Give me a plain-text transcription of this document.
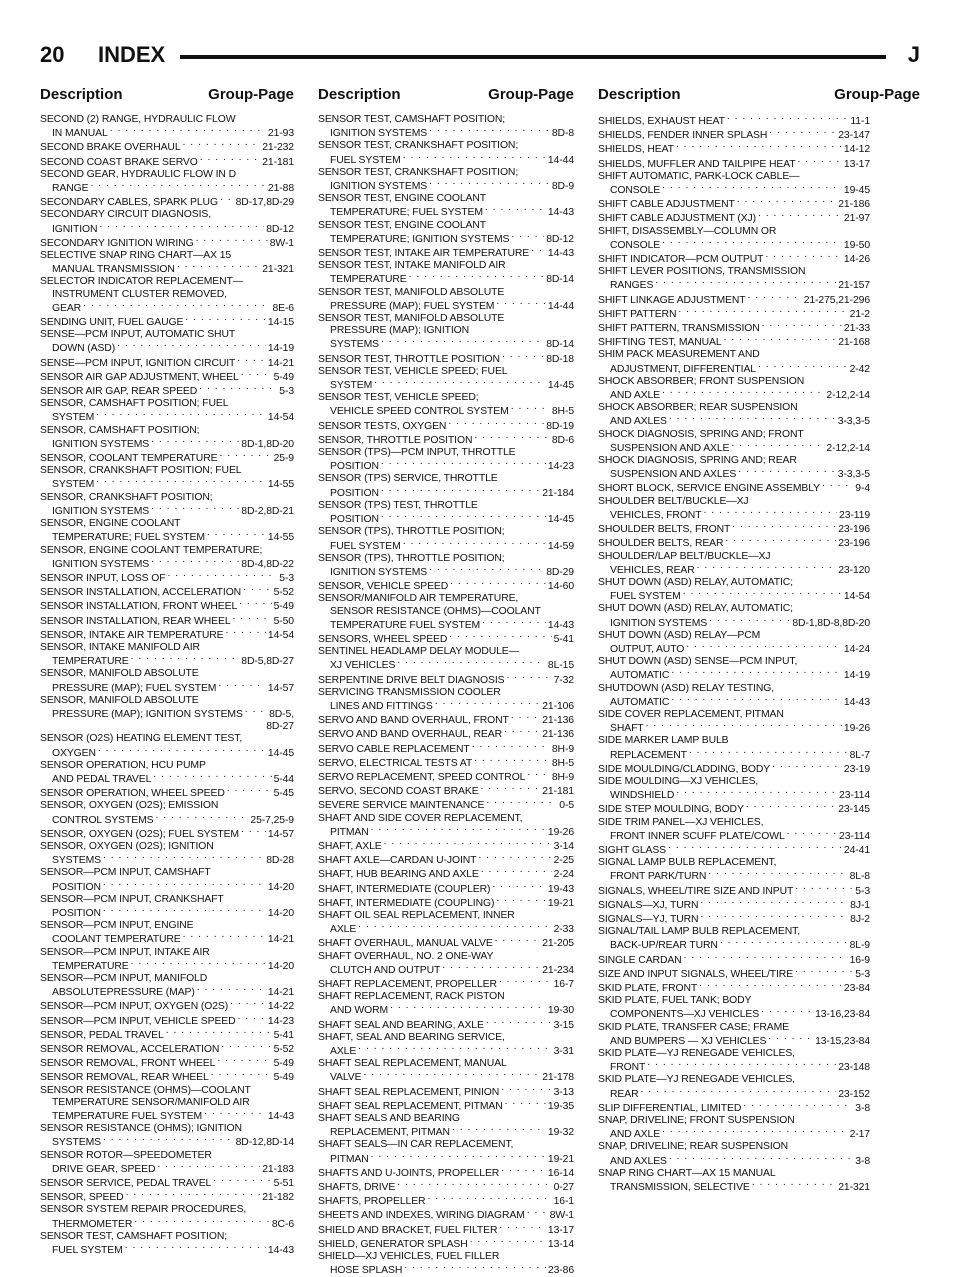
20 INDEX	J
Description	Group-Page Description	Group-Page Description	Group-Page
SECOND (2) RANGE, HYDRAULIC FLOW
IN MANUAL . . .	21-93
SECOND BRAKE OVERHAUL . . .	21-232
SECOND COAST BRAKE SERVO . . .	21-181
SECOND GEAR, HYDRAULIC FLOW IN D
RANGE . . .	21-88
SECONDARY CABLES, SPARK PLUG . . . 8D-17,8D-29
SECONDARY CIRCUIT DIAGNOSIS,
IGNITION . . .	8D-12
SECONDARY IGNITION WIRING . . .	8W-1
SELECTIVE SNAP RING CHART—AX 15
MANUAL TRANSMISSION . . .	21-321
SELECTOR INDICATOR REPLACEMENT—
INSTRUMENT CLUSTER REMOVED,
GEAR . . .	8E-6
SENDING UNIT, FUEL GAUGE . . .	14-15
SENSE—PCM INPUT, AUTOMATIC SHUT
DOWN (ASD) . . .	14-19
SENSE—PCM INPUT, IGNITION CIRCUIT . . .	14-21
SENSOR AIR GAP ADJUSTMENT, WHEEL . . .	5-49
SENSOR AIR GAP, REAR SPEED . . .	5-3
SENSOR, CAMSHAFT POSITION; FUEL
SYSTEM . . .	14-54
SENSOR, CAMSHAFT POSITION;
IGNITION SYSTEMS . . .	8D-1,8D-20
SENSOR, COOLANT TEMPERATURE . . .	25-9
SENSOR, CRANKSHAFT POSITION; FUEL
SYSTEM . . .	14-55
SENSOR, CRANKSHAFT POSITION;
IGNITION SYSTEMS . . .	8D-2,8D-21
SENSOR, ENGINE COOLANT
TEMPERATURE; FUEL SYSTEM . . .	14-55
SENSOR, ENGINE COOLANT TEMPERATURE;
IGNITION SYSTEMS . . .	8D-4,8D-22
SENSOR INPUT, LOSS OF . . .	5-3
SENSOR INSTALLATION, ACCELERATION . . .	5-52
SENSOR INSTALLATION, FRONT WHEEL . . .	5-49
SENSOR INSTALLATION, REAR WHEEL . . .	5-50
SENSOR, INTAKE AIR TEMPERATURE . . .	14-54
SENSOR, INTAKE MANIFOLD AIR
TEMPERATURE . . .	8D-5,8D-27
SENSOR, MANIFOLD ABSOLUTE
PRESSURE (MAP); FUEL SYSTEM . . .	14-57
SENSOR, MANIFOLD ABSOLUTE
PRESSURE (MAP); IGNITION SYSTEMS . . .	8D-5,
8D-27
SENSOR (O2S) HEATING ELEMENT TEST,
OXYGEN . . .	14-45
SENSOR OPERATION, HCU PUMP
AND PEDAL TRAVEL . . .	5-44
SENSOR OPERATION, WHEEL SPEED . . .	5-45
SENSOR, OXYGEN (O2S); EMISSION
CONTROL SYSTEMS . . .	25-7,25-9
SENSOR, OXYGEN (O2S); FUEL SYSTEM . . .	14-57
SENSOR, OXYGEN (O2S); IGNITION
SYSTEMS . . .	8D-28
SENSOR—PCM INPUT, CAMSHAFT
POSITION . . .	14-20
SENSOR—PCM INPUT, CRANKSHAFT
POSITION . . .	14-20
SENSOR—PCM INPUT, ENGINE
COOLANT TEMPERATURE . . .	14-21
SENSOR—PCM INPUT, INTAKE AIR
TEMPERATURE . . .	14-20
SENSOR—PCM INPUT, MANIFOLD
ABSOLUTEPRESSURE (MAP) . . .	14-21
SENSOR—PCM INPUT, OXYGEN (O2S) . . .	14-22
SENSOR—PCM INPUT, VEHICLE SPEED . . .	14-23
SENSOR, PEDAL TRAVEL . . .	5-41
SENSOR REMOVAL, ACCELERATION . . .	5-52
SENSOR REMOVAL, FRONT WHEEL . . .	5-49
SENSOR REMOVAL, REAR WHEEL . . .	5-49
SENSOR RESISTANCE (OHMS)—COOLANT
TEMPERATURE SENSOR/MANIFOLD AIR
TEMPERATURE FUEL SYSTEM . . .	14-43
SENSOR RESISTANCE (OHMS); IGNITION
SYSTEMS . . .	8D-12,8D-14
SENSOR ROTOR—SPEEDOMETER
DRIVE GEAR, SPEED . . .	21-183
SENSOR SERVICE, PEDAL TRAVEL . . .	5-51
SENSOR, SPEED . . .	21-182
SENSOR SYSTEM REPAIR PROCEDURES,
THERMOMETER . . .	8C-6
SENSOR TEST, CAMSHAFT POSITION;
FUEL SYSTEM . . .	14-43
SENSOR TEST, CAMSHAFT POSITION;
IGNITION SYSTEMS . . .	8D-8
SENSOR TEST, CRANKSHAFT POSITION;
FUEL SYSTEM . . .	14-44
SENSOR TEST, CRANKSHAFT POSITION;
IGNITION SYSTEMS . . .	8D-9
SENSOR TEST, ENGINE COOLANT
TEMPERATURE; FUEL SYSTEM . . .	14-43
SENSOR TEST, ENGINE COOLANT
TEMPERATURE; IGNITION SYSTEMS . . .	8D-12
SENSOR TEST, INTAKE AIR TEMPERATURE . . . 14-43
SENSOR TEST, INTAKE MANIFOLD AIR
TEMPERATURE . . .	8D-14
SENSOR TEST, MANIFOLD ABSOLUTE
PRESSURE (MAP); FUEL SYSTEM . . .	14-44
SENSOR TEST, MANIFOLD ABSOLUTE
PRESSURE (MAP); IGNITION
SYSTEMS . . .	8D-14
SENSOR TEST, THROTTLE POSITION . . .	8D-18
SENSOR TEST, VEHICLE SPEED; FUEL
SYSTEM . . .	14-45
SENSOR TEST, VEHICLE SPEED;
VEHICLE SPEED CONTROL SYSTEM . . .	8H-5
SENSOR TESTS, OXYGEN . . .	8D-19
SENSOR, THROTTLE POSITION . . .	8D-6
SENSOR (TPS)—PCM INPUT, THROTTLE
POSITION . . .	14-23
SENSOR (TPS) SERVICE, THROTTLE
POSITION . . .	21-184
SENSOR (TPS) TEST, THROTTLE
POSITION . . .	14-45
SENSOR (TPS), THROTTLE POSITION;
FUEL SYSTEM . . .	14-59
SENSOR (TPS), THROTTLE POSITION;
IGNITION SYSTEMS . . .	8D-29
SENSOR, VEHICLE SPEED . . .	14-60
SENSOR/MANIFOLD AIR TEMPERATURE,
SENSOR RESISTANCE (OHMS)—COOLANT
TEMPERATURE FUEL SYSTEM . . .	14-43
SENSORS, WHEEL SPEED . . .	5-41
SENTINEL HEADLAMP DELAY MODULE—
XJ VEHICLES . . .	8L-15
SERPENTINE DRIVE BELT DIAGNOSIS . . .	7-32
SERVICING TRANSMISSION COOLER
LINES AND FITTINGS . . .	21-106
SERVO AND BAND OVERHAUL, FRONT . . .	21-136
SERVO AND BAND OVERHAUL, REAR . . .	21-136
SERVO CABLE REPLACEMENT . . .	8H-9
SERVO, ELECTRICAL TESTS AT . . .	8H-5
SERVO REPLACEMENT, SPEED CONTROL . . .	8H-9
SERVO, SECOND COAST BRAKE . . .	21-181
SEVERE SERVICE MAINTENANCE . . .	0-5
SHAFT AND SIDE COVER REPLACEMENT,
PITMAN . . .	19-26
SHAFT, AXLE . . .	3-14
SHAFT AXLE—CARDAN U-JOINT . . .	2-25
SHAFT, HUB BEARING AND AXLE . . .	2-24
SHAFT, INTERMEDIATE (COUPLER) . . .	19-43
SHAFT, INTERMEDIATE (COUPLING) . . .	19-21
SHAFT OIL SEAL REPLACEMENT, INNER
AXLE . . .	2-33
SHAFT OVERHAUL, MANUAL VALVE . . .	21-205
SHAFT OVERHAUL, NO. 2 ONE-WAY
CLUTCH AND OUTPUT . . .	21-234
SHAFT REPLACEMENT, PROPELLER . . .	16-7
SHAFT REPLACEMENT, RACK PISTON
AND WORM . . .	19-30
SHAFT SEAL AND BEARING, AXLE . . .	3-15
SHAFT, SEAL AND BEARING SERVICE,
AXLE . . .	3-31
SHAFT SEAL REPLACEMENT, MANUAL
VALVE . . .	21-178
SHAFT SEAL REPLACEMENT, PINION . . .	3-13
SHAFT SEAL REPLACEMENT, PITMAN . . .	19-35
SHAFT SEALS AND BEARING
REPLACEMENT, PITMAN . . .	19-32
SHAFT SEALS—IN CAR REPLACEMENT,
PITMAN . . .	19-21
SHAFTS AND U-JOINTS, PROPELLER . . .	16-14
SHAFTS, DRIVE . . .	0-27
SHAFTS, PROPELLER . . .	16-1
SHEETS AND INDEXES, WIRING DIAGRAM . . . 8W-1
SHIELD AND BRACKET, FUEL FILTER . . .	13-17
SHIELD, GENERATOR SPLASH . . .	13-14
SHIELD—XJ VEHICLES, FUEL FILLER
HOSE SPLASH . . .	23-86
SHIELDS, EXHAUST HEAT . . .	11-1
SHIELDS, FENDER INNER SPLASH . . .	23-147
SHIELDS, HEAT . . .	14-12
SHIELDS, MUFFLER AND TAILPIPE HEAT . . .	13-17
SHIFT AUTOMATIC, PARK-LOCK CABLE—
CONSOLE . . .	19-45
SHIFT CABLE ADJUSTMENT . . .	21-186
SHIFT CABLE ADJUSTMENT (XJ) . . .	21-97
SHIFT, DISASSEMBLY—COLUMN OR
CONSOLE . . .	19-50
SHIFT INDICATOR—PCM OUTPUT . . .	14-26
SHIFT LEVER POSITIONS, TRANSMISSION
RANGES . . .	21-157
SHIFT LINKAGE ADJUSTMENT . . .	21-275,21-296
SHIFT PATTERN . . .	21-2
SHIFT PATTERN, TRANSMISSION . . .	21-33
SHIFTING TEST, MANUAL . . .	21-168
SHIM PACK MEASUREMENT AND
ADJUSTMENT, DIFFERENTIAL . . .	2-42
SHOCK ABSORBER; FRONT SUSPENSION
AND AXLE . . .	2-12,2-14
SHOCK ABSORBER; REAR SUSPENSION
AND AXLES . . .	3-3,3-5
SHOCK DIAGNOSIS, SPRING AND; FRONT
SUSPENSION AND AXLE . . .	2-12,2-14
SHOCK DIAGNOSIS, SPRING AND; REAR
SUSPENSION AND AXLES . . .	3-3,3-5
SHORT BLOCK, SERVICE ENGINE ASSEMBLY . . .	9-4
SHOULDER BELT/BUCKLE—XJ
VEHICLES, FRONT . . .	23-119
SHOULDER BELTS, FRONT . . .	23-196
SHOULDER BELTS, REAR . . .	23-196
SHOULDER/LAP BELT/BUCKLE—XJ
VEHICLES, REAR . . .	23-120
SHUT DOWN (ASD) RELAY, AUTOMATIC;
FUEL SYSTEM . . .	14-54
SHUT DOWN (ASD) RELAY, AUTOMATIC;
IGNITION SYSTEMS . . .	8D-1,8D-8,8D-20
SHUT DOWN (ASD) RELAY—PCM
OUTPUT, AUTO . . .	14-24
SHUT DOWN (ASD) SENSE—PCM INPUT,
AUTOMATIC . . .	14-19
SHUTDOWN (ASD) RELAY TESTING,
AUTOMATIC . . .	14-43
SIDE COVER REPLACEMENT, PITMAN
SHAFT . . .	19-26
SIDE MARKER LAMP BULB
REPLACEMENT . . .	8L-7
SIDE MOULDING/CLADDING, BODY . . .	23-19
SIDE MOULDING—XJ VEHICLES,
WINDSHIELD . . .	23-114
SIDE STEP MOULDING, BODY . . .	23-145
SIDE TRIM PANEL—XJ VEHICLES,
FRONT INNER SCUFF PLATE/COWL . . .	23-114
SIGHT GLASS . . .	24-41
SIGNAL LAMP BULB REPLACEMENT,
FRONT PARK/TURN . . .	8L-8
SIGNALS, WHEEL/TIRE SIZE AND INPUT . . .	5-3
SIGNALS—XJ, TURN . . .	8J-1
SIGNALS—YJ, TURN . . .	8J-2
SIGNAL/TAIL LAMP BULB REPLACEMENT,
BACK-UP/REAR TURN . . .	8L-9
SINGLE CARDAN . . .	16-9
SIZE AND INPUT SIGNALS, WHEEL/TIRE . . .	5-3
SKID PLATE, FRONT . . .	23-84
SKID PLATE, FUEL TANK; BODY
COMPONENTS—XJ VEHICLES . . .	13-16,23-84
SKID PLATE, TRANSFER CASE; FRAME
AND BUMPERS — XJ VEHICLES . . .	13-15,23-84
SKID PLATE—YJ RENEGADE VEHICLES,
FRONT . . .	23-148
SKID PLATE—YJ RENEGADE VEHICLES,
REAR . . .	23-152
SLIP DIFFERENTIAL, LIMITED . . .	3-8
SNAP, DRIVELINE; FRONT SUSPENSION
AND AXLE . . .	2-17
SNAP, DRIVELINE; REAR SUSPENSION
AND AXLES . . .	3-8
SNAP RING CHART—AX 15 MANUAL
TRANSMISSION, SELECTIVE . . .	21-321
